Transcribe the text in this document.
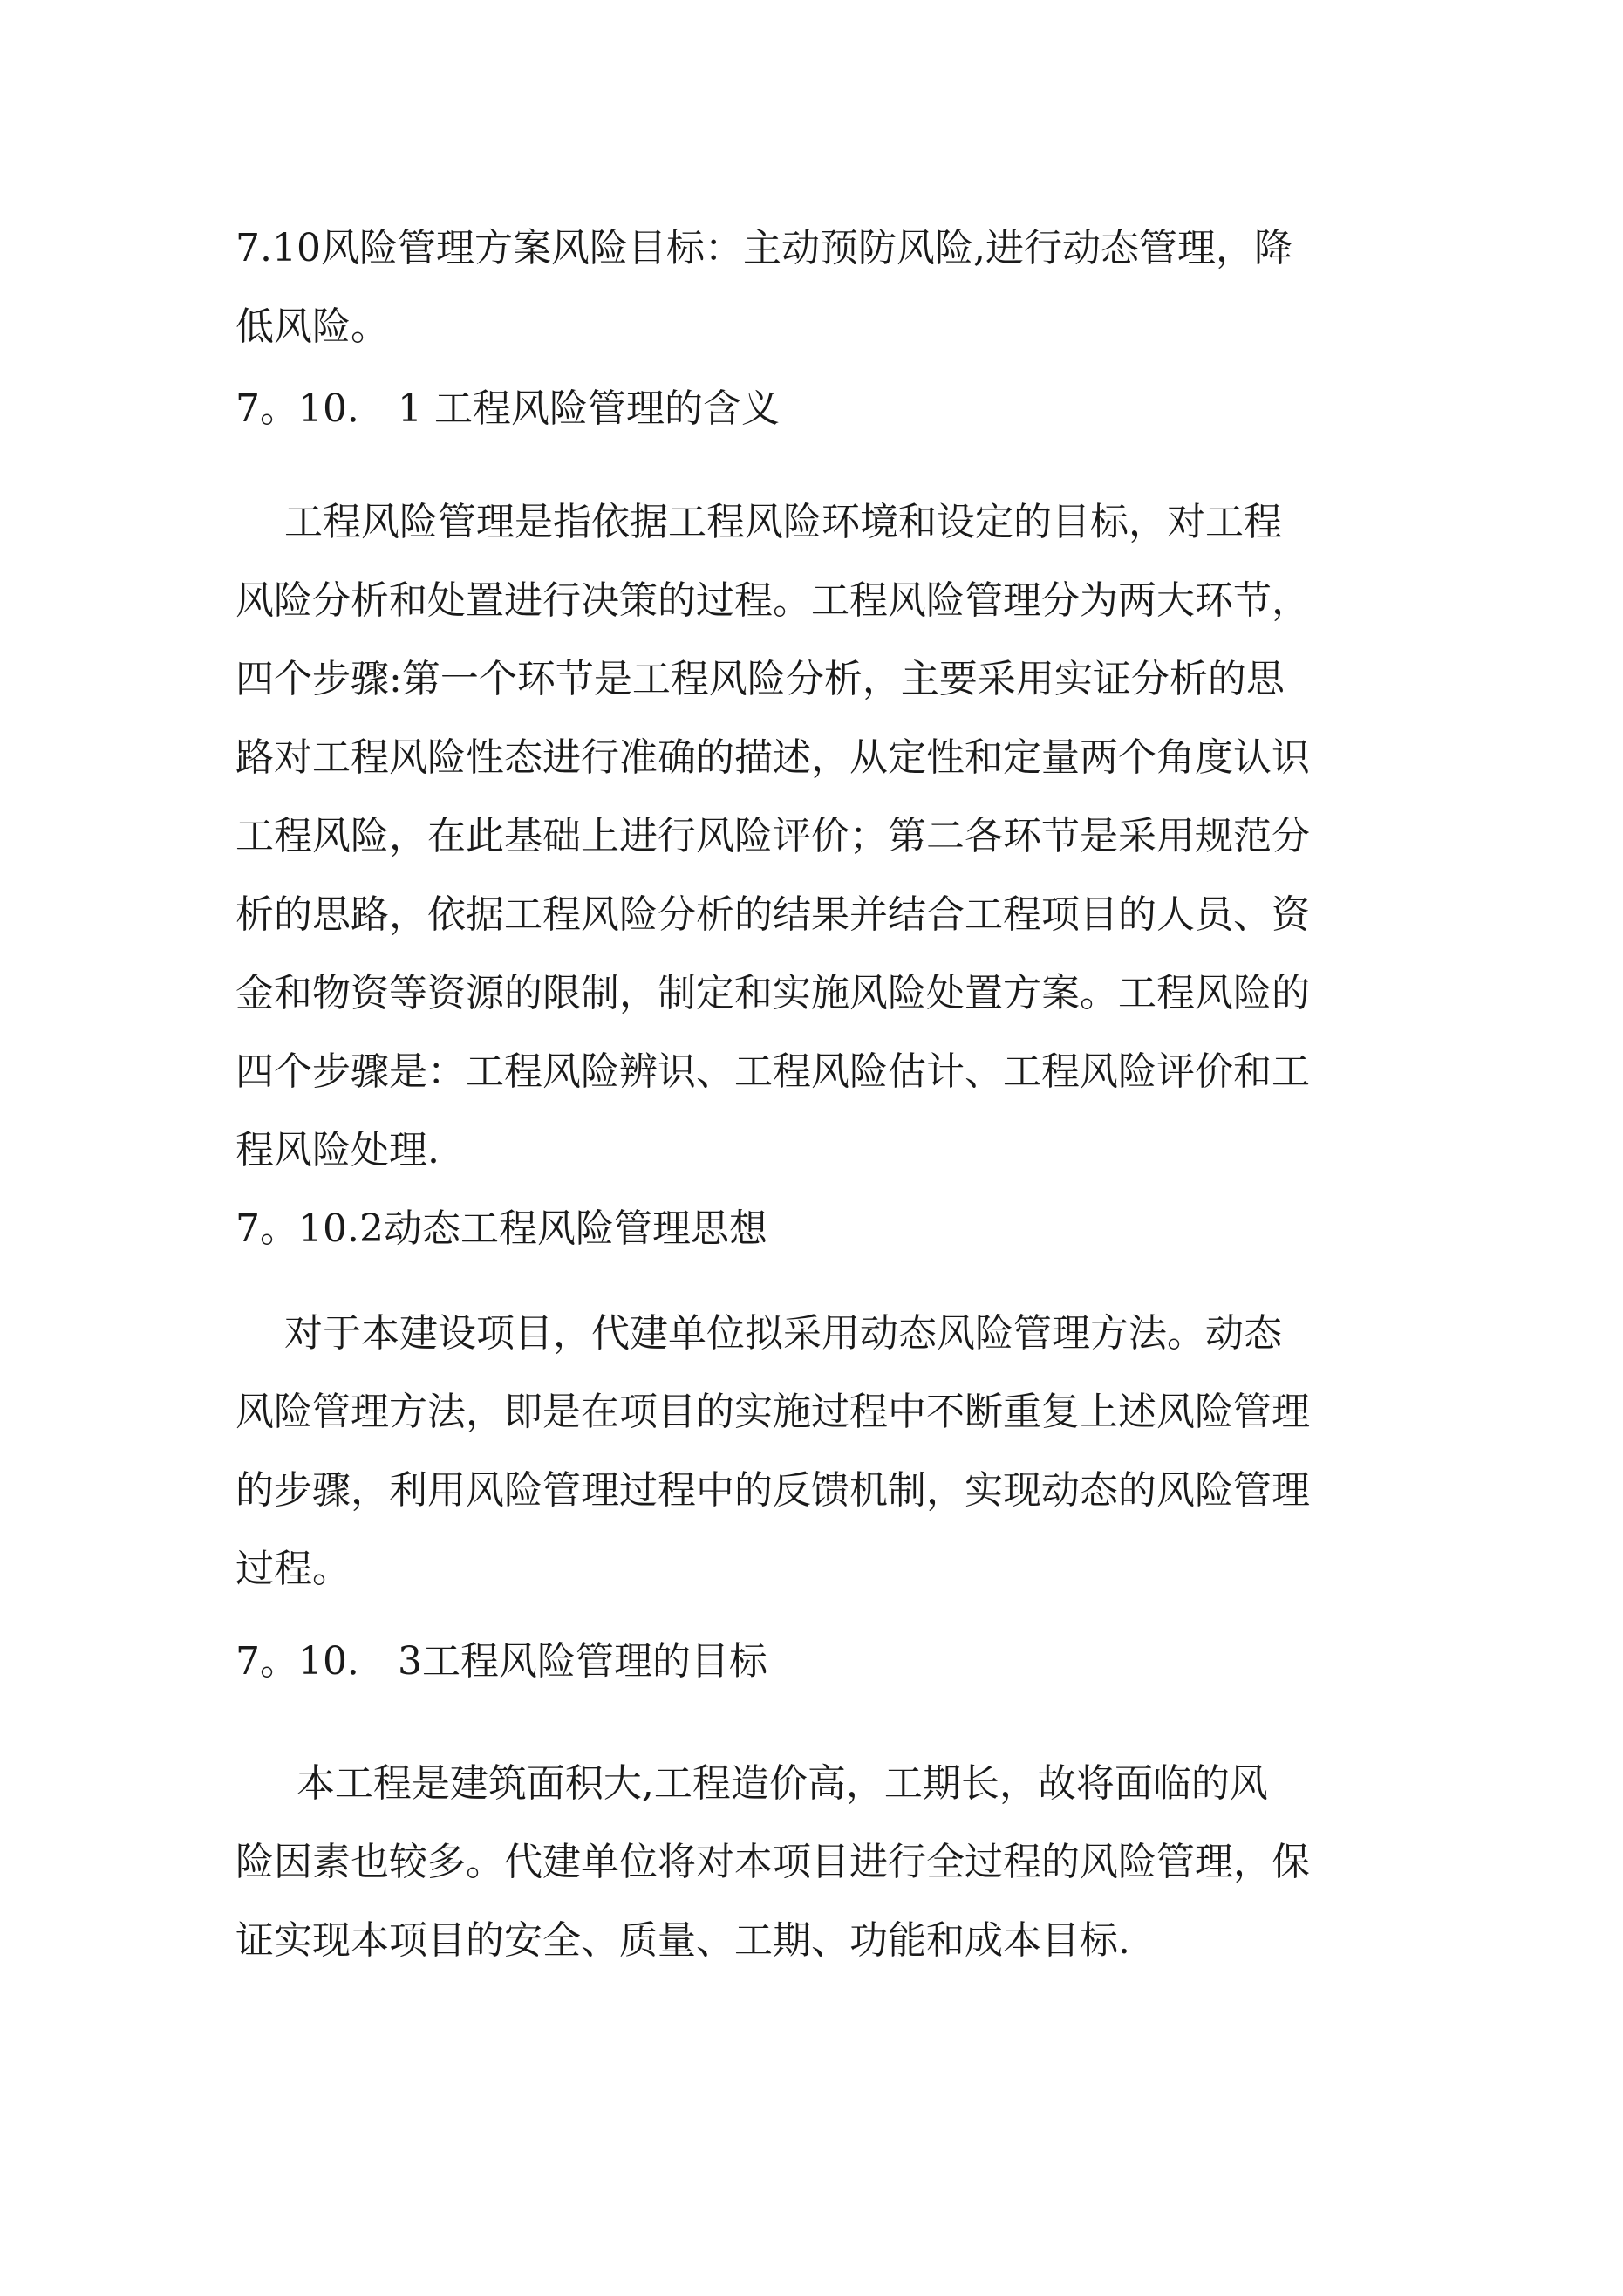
7.10风险管理方案风险目标：主动预防风险,进行动态管理，降
低风险。
7。10． 1 工程风险管理的含义
工程风险管理是指依据工程风险环境和设定的目标，对工程
风险分析和处置进行决策的过程。工程风险管理分为两大环节，
四个步骤:第一个环节是工程风险分析，主要采用实证分析的思
路对工程风险性态进行准确的描述，从定性和定量两个角度认识
工程风险，在此基础上进行风险评价；第二各环节是采用规范分
析的思路，依据工程风险分析的结果并结合工程项目的人员、资
金和物资等资源的限制，制定和实施风险处置方案。工程风险的
四个步骤是：工程风险辨识、工程风险估计、工程风险评价和工
程风险处理.
7。10.2动态工程风险管理思想
对于本建设项目，代建单位拟采用动态风险管理方法。动态
风险管理方法，即是在项目的实施过程中不断重复上述风险管理
的步骤，利用风险管理过程中的反馈机制，实现动态的风险管理
过程。
7。10． 3工程风险管理的目标
本工程是建筑面积大,工程造价高，工期长，故将面临的风
险因素也较多。代建单位将对本项目进行全过程的风险管理，保
证实现本项目的安全、质量、工期、功能和成本目标.
